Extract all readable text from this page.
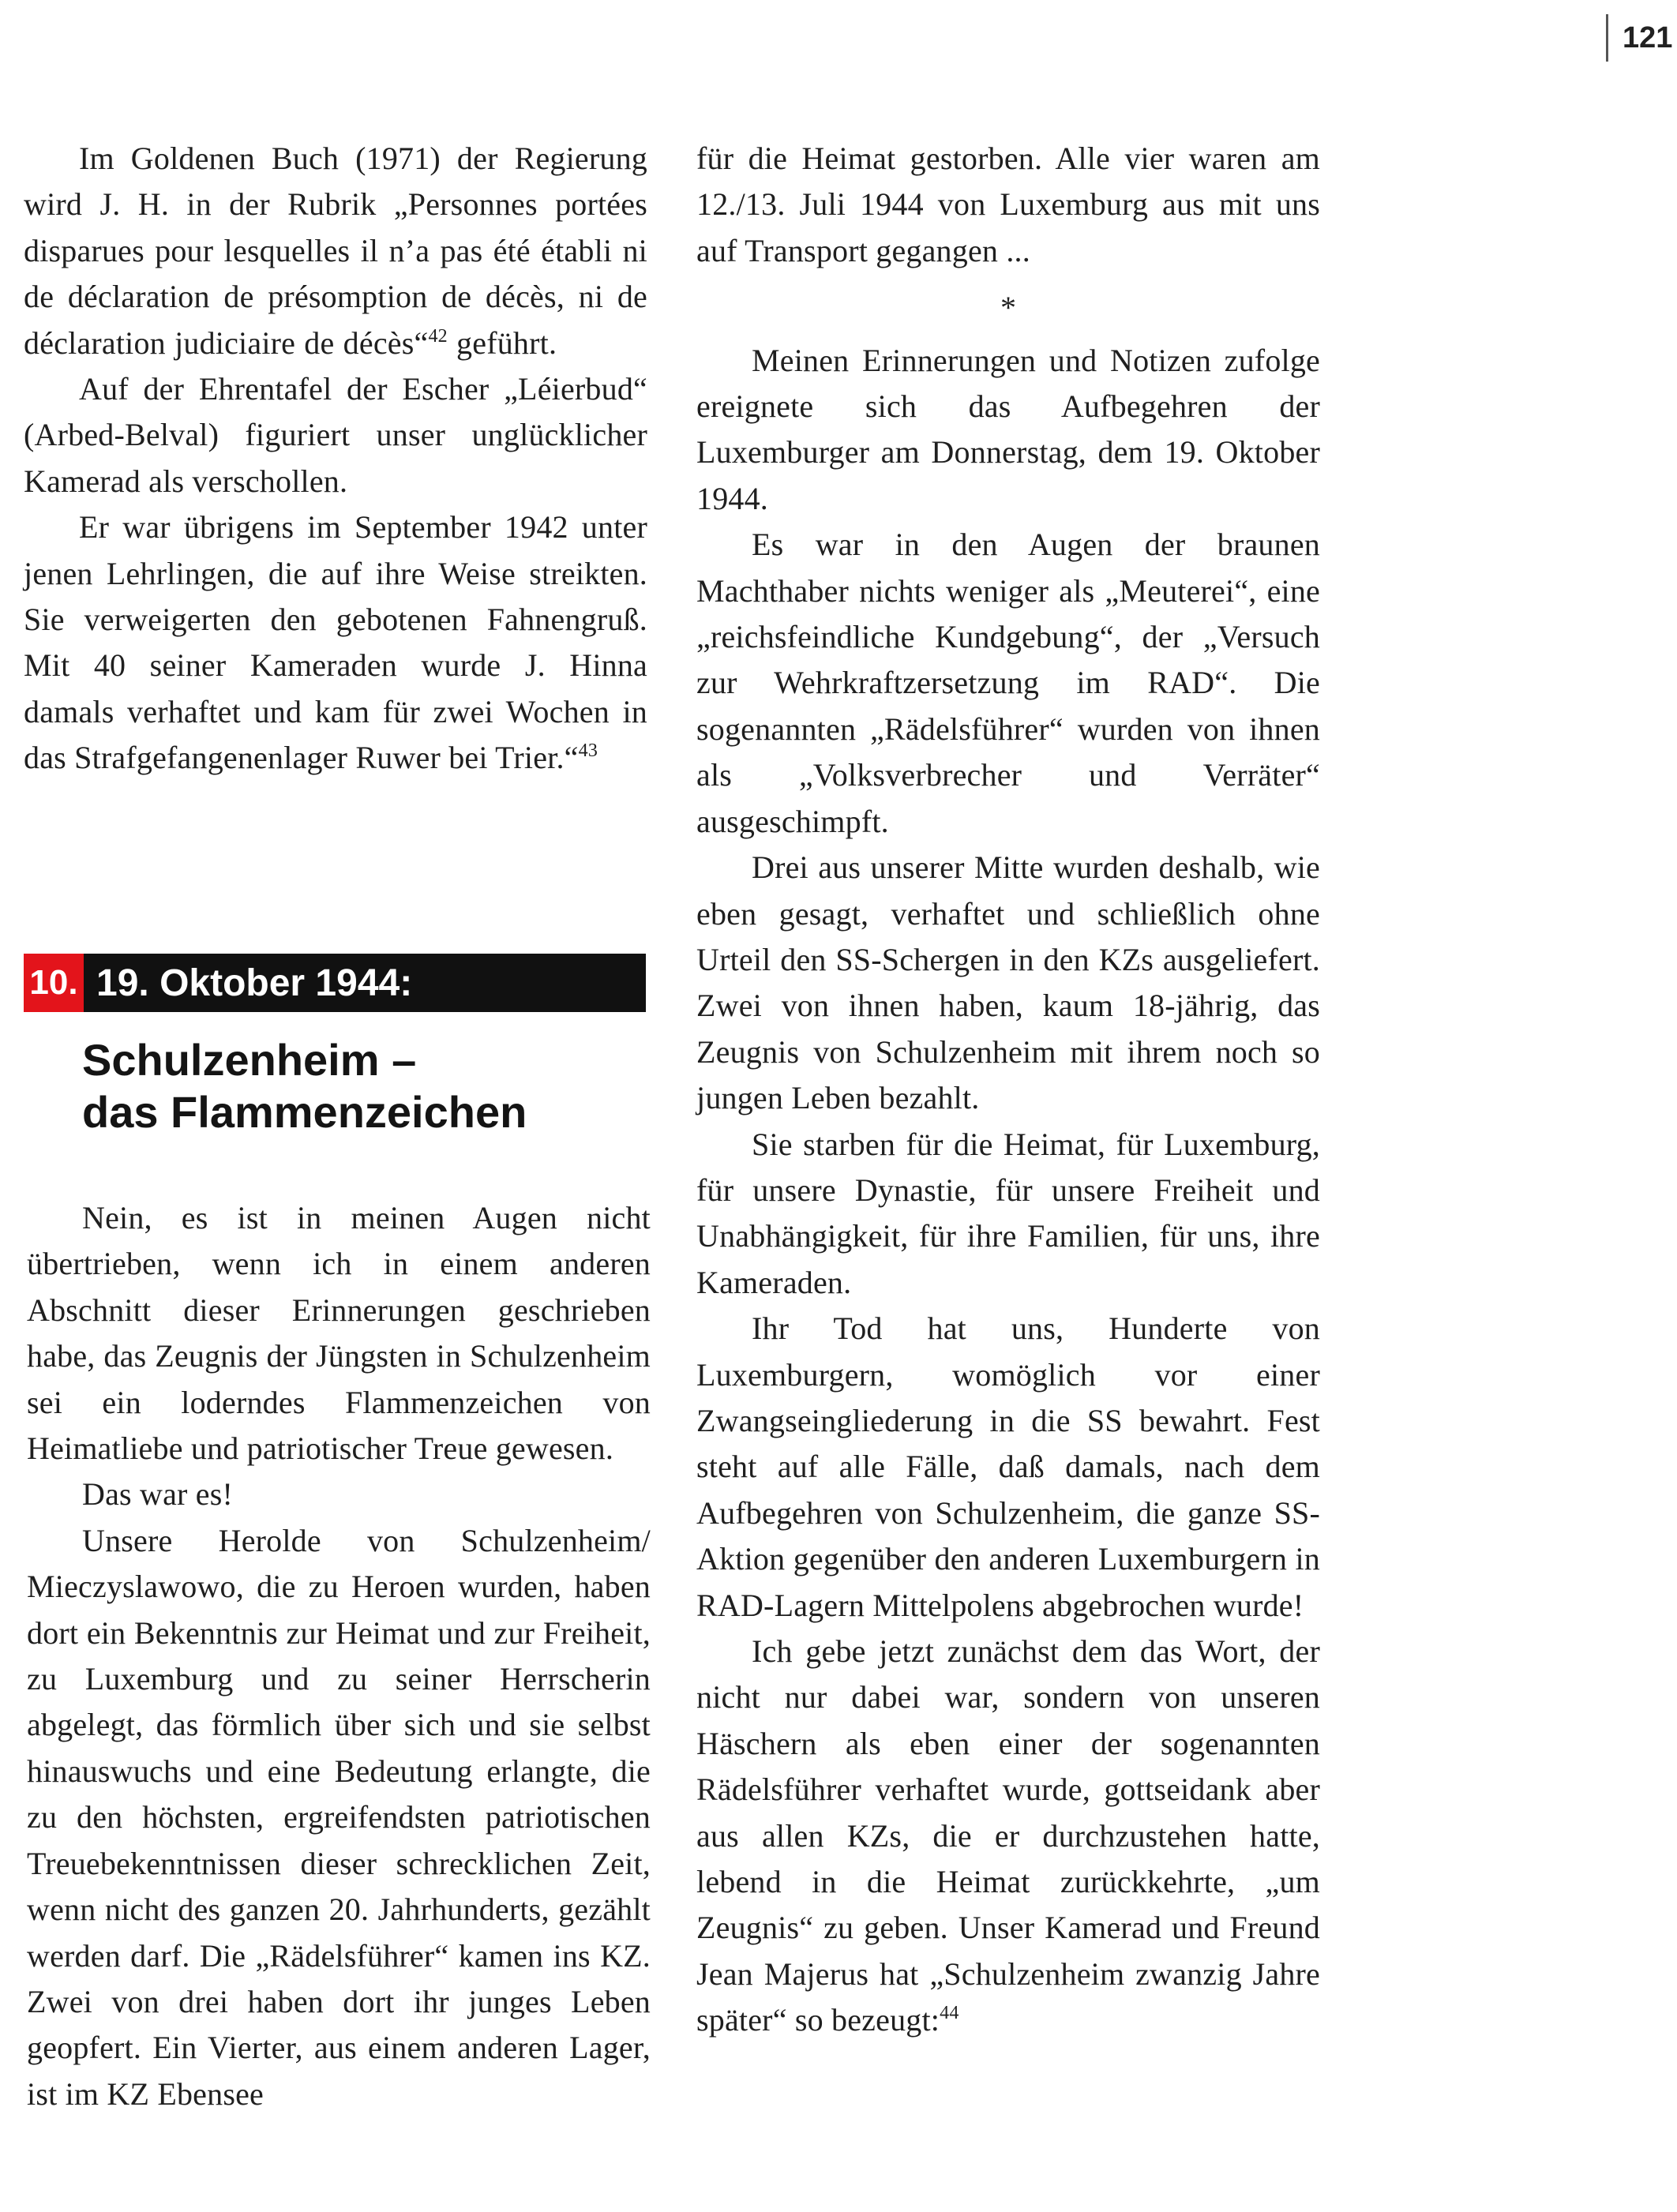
121

Im Goldenen Buch (1971) der Regierung wird J. H. in der Rubrik „Personnes portées disparues pour lesquelles il n’a pas été établi ni de déclaration de présomption de décès, ni de déclaration judiciaire de décès“$^{42}$ geführt.

Auf der Ehrentafel der Escher „Léierbud“ (Arbed-Belval) figuriert unser unglücklicher Kamerad als verschollen.

Er war übrigens im September 1942 unter jenen Lehrlingen, die auf ihre Weise streikten. Sie verweigerten den gebotenen Fahnengruß. Mit 40 seiner Kameraden wurde J. Hinna damals verhaftet und kam für zwei Wochen in das Strafgefangenenlager Ruwer bei Trier.“$^{43}$

10. 19. Oktober 1944:
Schulzenheim –
das Flammenzeichen

Nein, es ist in meinen Augen nicht übertrieben, wenn ich in einem anderen Abschnitt dieser Erinnerungen geschrieben habe, das Zeugnis der Jüngsten in Schulzenheim sei ein loderndes Flammenzeichen von Heimatliebe und patriotischer Treue gewesen.

Das war es!

Unsere Herolde von Schulzenheim/ Mieczyslawowo, die zu Heroen wurden, haben dort ein Bekenntnis zur Heimat und zur Freiheit, zu Luxemburg und zu seiner Herrscherin abgelegt, das förmlich über sich und sie selbst hinauswuchs und eine Bedeutung erlangte, die zu den höchsten, ergreifendsten patriotischen Treuebekenntnissen dieser schrecklichen Zeit, wenn nicht des ganzen 20. Jahrhunderts, gezählt werden darf. Die „Rädelsführer“ kamen ins KZ. Zwei von drei haben dort ihr junges Leben geopfert. Ein Vierter, aus einem anderen Lager, ist im KZ Ebensee

für die Heimat gestorben. Alle vier waren am 12./13. Juli 1944 von Luxemburg aus mit uns auf Transport gegangen ...

*

Meinen Erinnerungen und Notizen zufolge ereignete sich das Aufbegehren der Luxemburger am Donnerstag, dem 19. Oktober 1944.

Es war in den Augen der braunen Machthaber nichts weniger als „Meuterei“, eine „reichsfeindliche Kundgebung“, der „Versuch zur Wehrkraftzersetzung im RAD“. Die sogenannten „Rädelsführer“ wurden von ihnen als „Volksverbrecher und Verräter“ ausgeschimpft.

Drei aus unserer Mitte wurden deshalb, wie eben gesagt, verhaftet und schließlich ohne Urteil den SS-Schergen in den KZs ausgeliefert. Zwei von ihnen haben, kaum 18-jährig, das Zeugnis von Schulzenheim mit ihrem noch so jungen Leben bezahlt.

Sie starben für die Heimat, für Luxemburg, für unsere Dynastie, für unsere Freiheit und Unabhängigkeit, für ihre Familien, für uns, ihre Kameraden.

Ihr Tod hat uns, Hunderte von Luxemburgern, womöglich vor einer Zwangseingliederung in die SS bewahrt. Fest steht auf alle Fälle, daß damals, nach dem Aufbegehren von Schulzenheim, die ganze SS-Aktion gegenüber den anderen Luxemburgern in RAD-Lagern Mittelpolens abgebrochen wurde!

Ich gebe jetzt zunächst dem das Wort, der nicht nur dabei war, sondern von unseren Häschern als eben einer der sogenannten Rädelsführer verhaftet wurde, gottseidank aber aus allen KZs, die er durchzustehen hatte, lebend in die Heimat zurückkehrte, „um Zeugnis“ zu geben. Unser Kamerad und Freund Jean Majerus hat „Schulzenheim zwanzig Jahre später“ so bezeugt:$^{44}$
